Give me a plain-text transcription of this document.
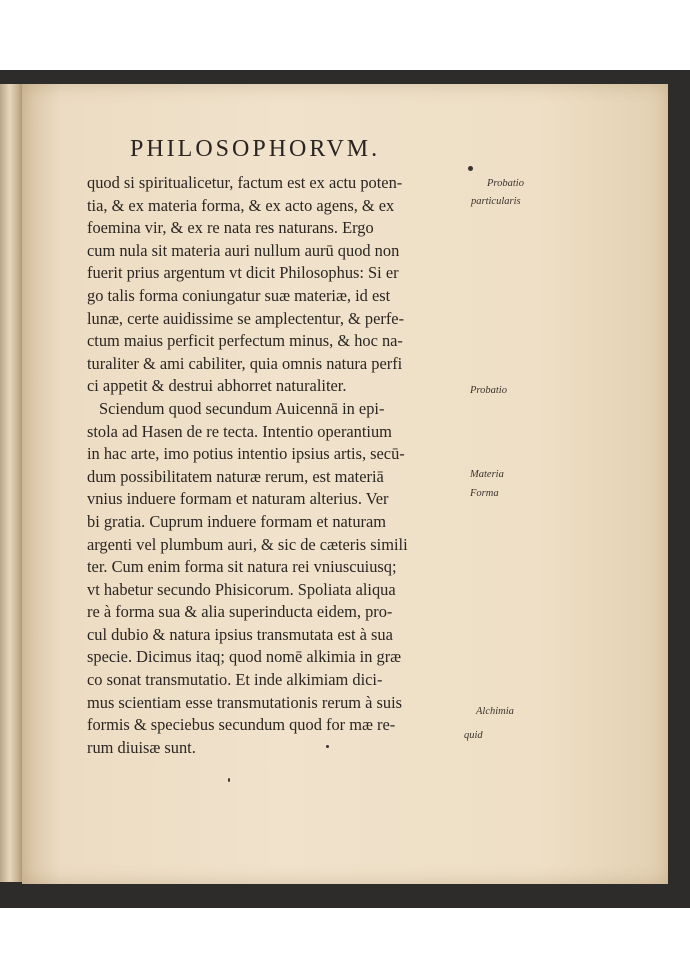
PHILOSOPHORVM.
quod si spiritualicetur, factum est ex actu poten-
tia, & ex materia forma, & ex acto agens, & ex
foemina vir, & ex re nata res naturans. Ergo
cum nula sit materia auri nullum aurū quod non
fuerit prius argentum vt dicit Philosophus: Si er
go talis forma coniungatur suæ materiæ, id est
lunæ, certe auidissime se amplectentur, & perfe-
ctum maius perficit perfectum minus, & hoc na-
turaliter & ami cabiliter, quia omnis natura perfi
ci appetit & destrui abhorret naturaliter.
Sciendum quod secundum Auicennā in epi-
stola ad Hasen de re tecta. Intentio operantium
in hac arte, imo potius intentio ipsius artis, secū-
dum possibilitatem naturæ rerum, est materiā
vnius induere formam et naturam alterius. Ver
bi gratia. Cuprum induere formam et naturam
argenti vel plumbum auri, & sic de cæteris simili
ter. Cum enim forma sit natura rei vniuscuiusq;
vt habetur secundo Phisicorum. Spoliata aliqua
re à forma sua & alia superinducta eidem, pro-
cul dubio & natura ipsius transmutata est à sua
specie. Dicimus itaq; quod nomē alkimia in græ
co sonat transmutatio. Et inde alkimiam dici-
mus scientiam esse transmutationis rerum à suis
formis & speciebus secundum quod for mæ re-
rum diuisæ sunt.
Probatio
particularis
Probatio
Materia
Forma
Alchimia
quid
